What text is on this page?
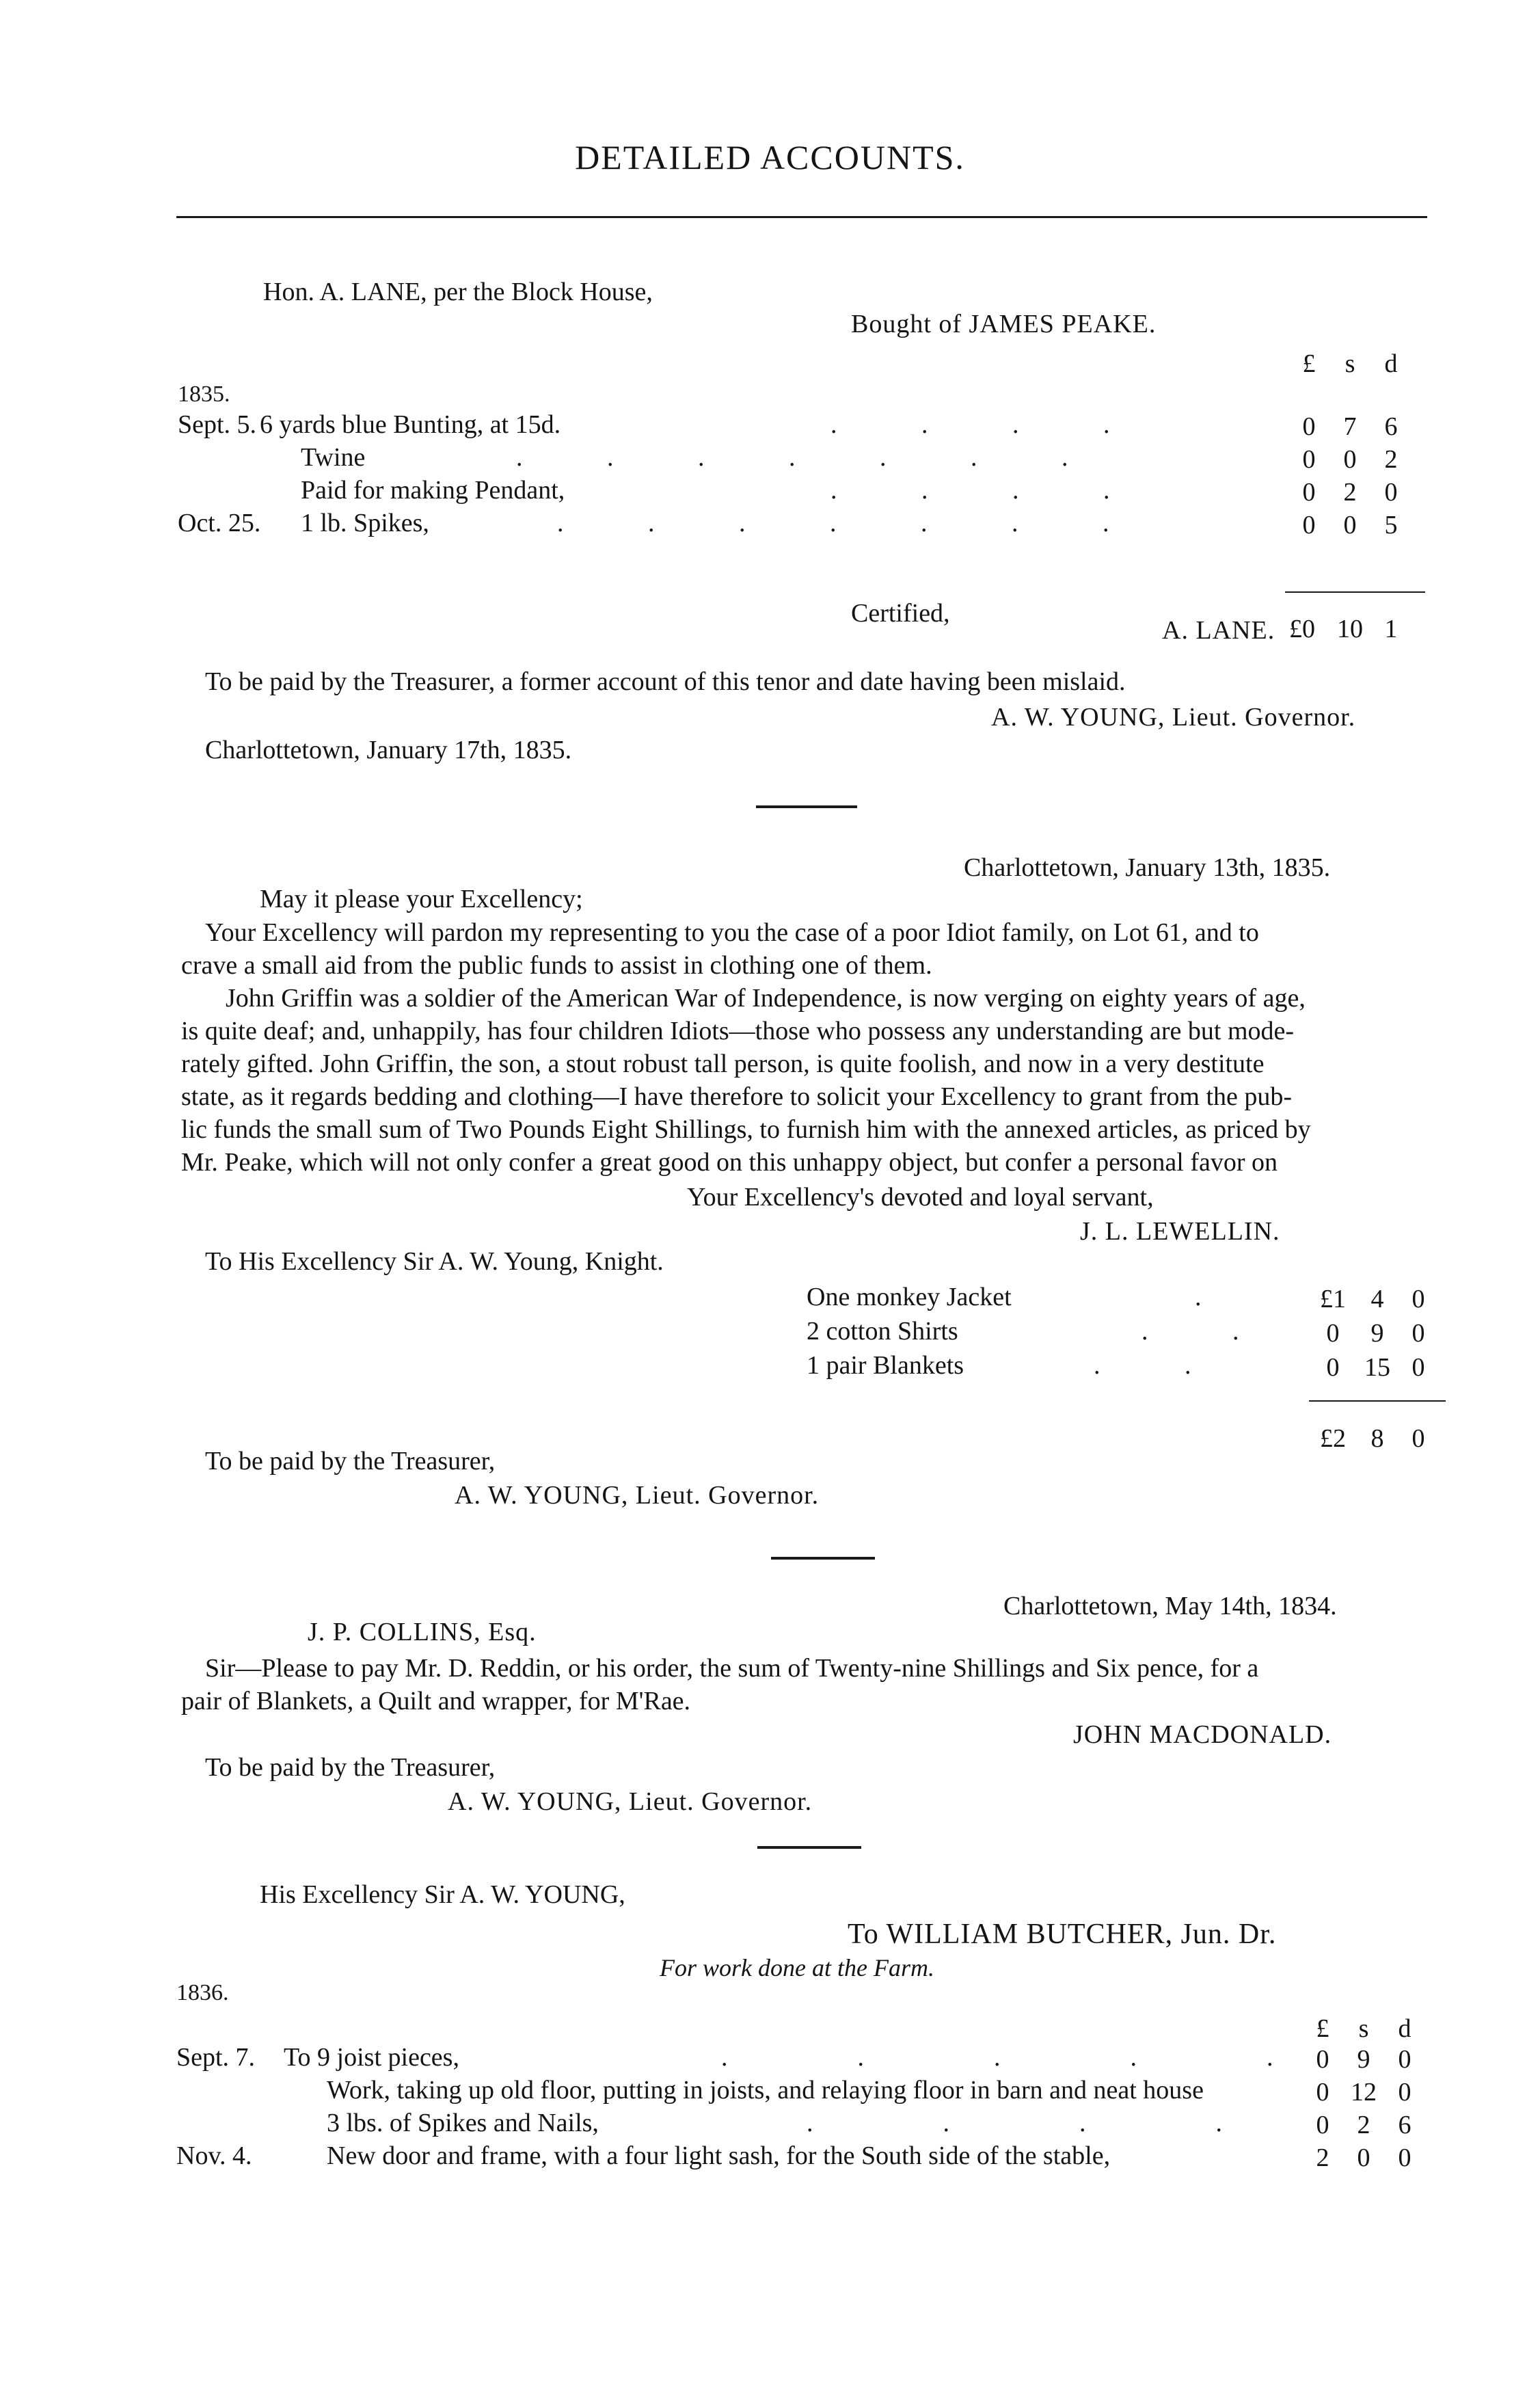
DETAILED ACCOUNTS.
Hon. A. LANE, per the Block House,
Bought of JAMES PEAKE.
£	s	d
1835.
Sept. 5. 6 yards blue Bunting, at 15d.	.             .             .             .	0	7	6
Twine	.             .             .             .             .             .             .	0	0	2
Paid for making Pendant,	.             .             .             .	0	2	0
Oct. 25. 1 lb. Spikes,	.             .             .             .             .             .             .	0	0	5
£0 10 1
Certified,
A. LANE.
To be paid by the Treasurer, a former account of this tenor and date having been mislaid.
A. W. YOUNG, Lieut. Governor.
Charlottetown, January 17th, 1835.
Charlottetown, January 13th, 1835.
May it please your Excellency;
Your Excellency will pardon my representing to you the case of a poor Idiot family, on Lot 61, and to
crave a small aid from the public funds to assist in clothing one of them.
John Griffin was a soldier of the American War of Independence, is now verging on eighty years of age,
is quite deaf; and, unhappily, has four children Idiots—those who possess any understanding are but mode-
rately gifted. John Griffin, the son, a stout robust tall person, is quite foolish, and now in a very destitute
state, as it regards bedding and clothing—I have therefore to solicit your Excellency to grant from the pub-
lic funds the small sum of Two Pounds Eight Shillings, to furnish him with the annexed articles, as priced by
Mr. Peake, which will not only confer a great good on this unhappy object, but confer a personal favor on
Your Excellency's devoted and loyal servant,
J. L. LEWELLIN.
To His Excellency Sir A. W. Young, Knight.
One monkey Jacket	.	£1 4	0
2 cotton Shirts	.             .	0	9	0
1 pair Blankets	.             .	0 15 0
£2 8	0
To be paid by the Treasurer,
A. W. YOUNG, Lieut. Governor.
Charlottetown, May 14th, 1834.
J. P. COLLINS, Esq.
Sir—Please to pay Mr. D. Reddin, or his order, the sum of Twenty-nine Shillings and Six pence, for a
pair of Blankets, a Quilt and wrapper, for M'Rae.
JOHN MACDONALD.
To be paid by the Treasurer,
A. W. YOUNG, Lieut. Governor.
His Excellency Sir A. W. YOUNG,
To WILLIAM BUTCHER, Jun. Dr.
For work done at the Farm.
1836.
£	s	d
Sept. 7. To 9 joist pieces,	.                    .                    .                    .                    .	0	9	0
Work, taking up old floor, putting in joists, and relaying floor in barn and neat house	0 12 0
3 lbs. of Spikes and Nails,	.                    .                    .                    .	0	2	6
Nov. 4.	New door and frame, with a four light sash, for the South side of the stable,	2	0	0
